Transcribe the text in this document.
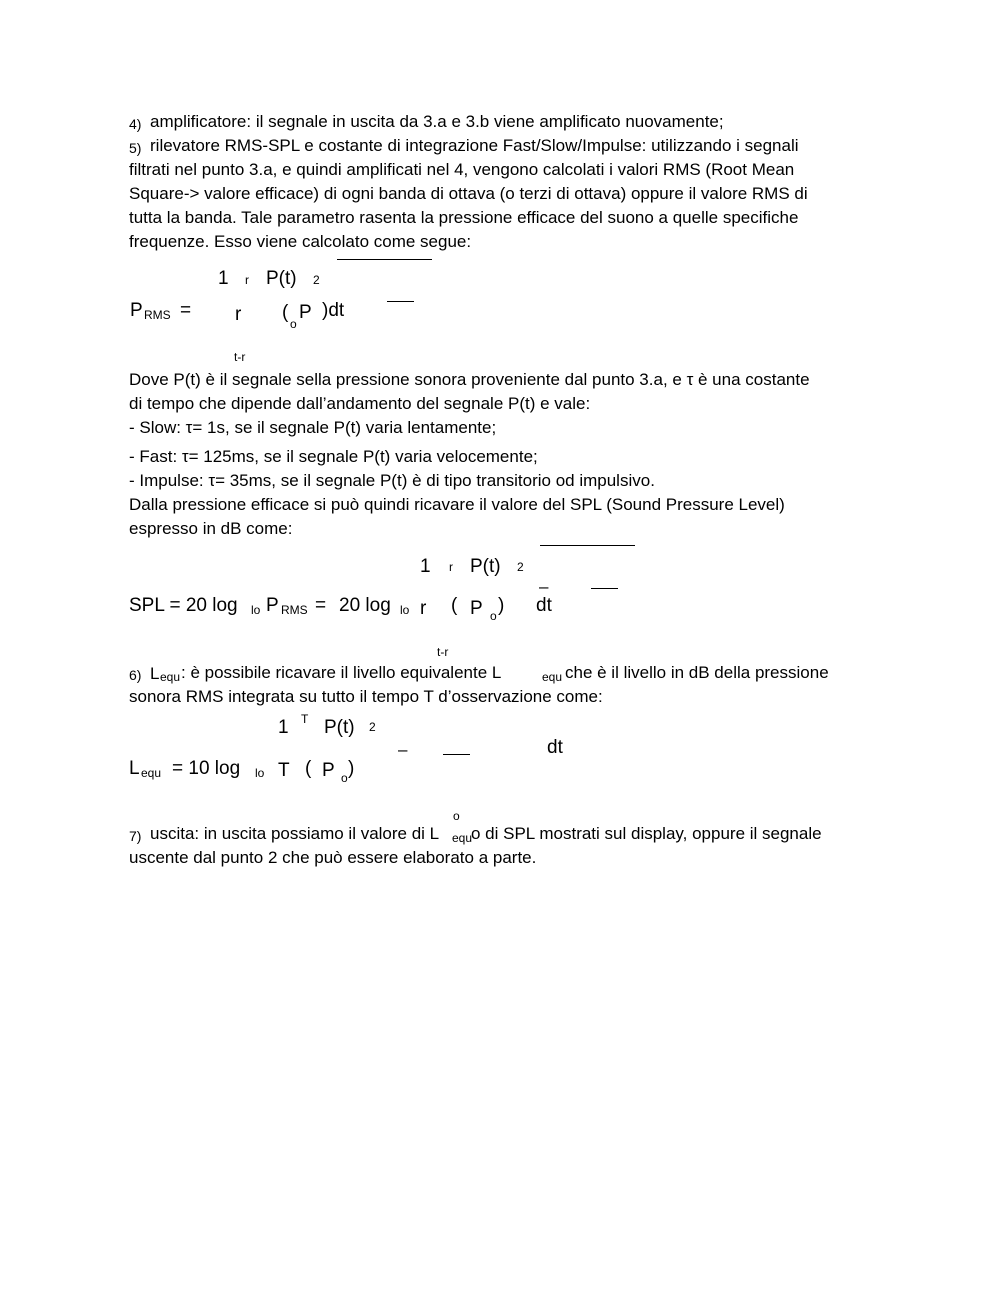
4) amplificatore: il segnale in uscita da 3.a e 3.b viene amplificato nuovamente;
5) rilevatore RMS-SPL e costante di integrazione Fast/Slow/Impulse: utilizzando i segnali
filtrati nel punto 3.a, e quindi amplificati nel 4, vengono calcolati i valori RMS (Root Mean
Square-> valore efficace) di ogni banda di ottava (o terzi di ottava) oppure il valore RMS di
tutta la banda. Tale parametro rasenta la pressione efficace del suono a quelle specifiche
frequenze. Esso viene calcolato come segue:
1 r P(t) 2
P RMS = r (
o
P )dt
t-r
Dove P(t) è il segnale sella pressione sonora proveniente dal punto 3.a, e τ è una costante
di tempo che dipende dall’andamento del segnale P(t) e vale:
- Slow: τ= 1s, se il segnale P(t) varia lentamente;
- Fast: τ= 125ms, se il segnale P(t) varia velocemente;
- Impulse: τ= 35ms, se il segnale P(t) è di tipo transitorio od impulsivo.
Dalla pressione efficace si può quindi ricavare il valore del SPL (Sound Pressure Level)
espresso in dB come:
1 r P(t) 2
–
SPL = 20 log lo P RMS = 20 log lo r ( P o ) dt
t-r
6) L equ : è possibile ricavare il livello equivalente L	equ che è il livello in dB della pressione
sonora RMS integrata su tutto il tempo T d’osservazione come:
1 T P(t) 2
dt
–
L equ = 10 log lo T ( P o )
o
7) uscita: in uscita possiamo il valore di L equ
o di SPL mostrati sul display, oppure il segnale
uscente dal punto 2 che può essere elaborato a parte.
